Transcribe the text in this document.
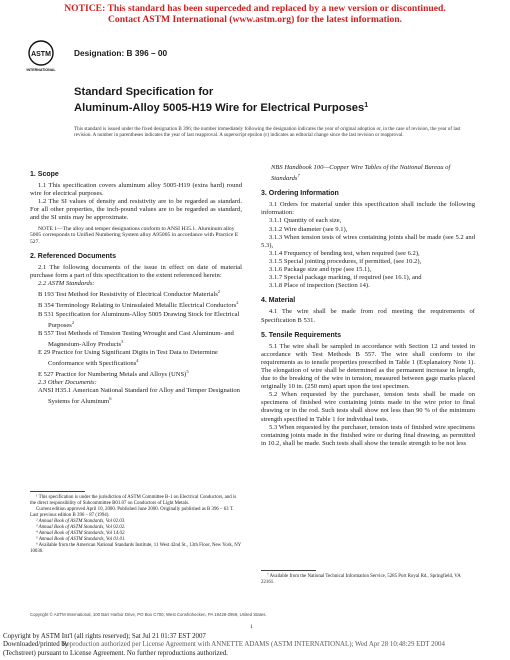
NOTICE: This standard has been superceded and replaced by a new version or discontinued.
Contact ASTM International (www.astm.org) for the latest information.
ASTM
INTERNATIONAL
Designation: B 396 – 00
Standard Specification for
Aluminum-Alloy 5005-H19 Wire for Electrical Purposes$^1$
This standard is issued under the fixed designation B 396; the number immediately following the designation indicates the year of original adoption or, in the case of revision, the year of last revision. A number in parentheses indicates the year of last reapproval. A superscript epsilon (ε) indicates an editorial change since the last revision or reapproval.
1. Scope

1.1 This specification covers aluminum alloy 5005-H19 (extra hard) round wire for electrical purposes.

1.2 The SI values of density and resistivity are to be regarded as standard. For all other properties, the inch-pound values are to be regarded as standard, and the SI units may be approximate.

NOTE 1—The alloy and temper designations conform to ANSI H35.1. Aluminum alloy 5005 corresponds to Unified Numbering System alloy A95005 in accordance with Practice E 527.

2. Referenced Documents

2.1 The following documents of the issue in effect on date of material purchase form a part of this specification to the extent referenced herein:

2.2 ASTM Standards:

B 193 Test Method for Resistivity of Electrical Conductor Materials$^2$

B 354 Terminology Relating to Uninsulated Metallic Electrical Conductors$^2$

B 531 Specification for Aluminum-Alloy 5005 Drawing Stock for Electrical Purposes$^2$

B 557 Test Methods of Tension Testing Wrought and Cast Aluminum- and Magnesium-Alloy Products$^3$

E 29 Practice for Using Significant Digits in Test Data to Determine Conformance with Specifications$^4$

E 527 Practice for Numbering Metals and Alloys (UNS)$^5$

2.3 Other Documents:

ANSI H35.1 American National Standard for Alloy and Temper Designation Systems for Aluminum$^6$

¹ This specification is under the jurisdiction of ASTM Committee B-1 on Electrical Conductors, and is the direct responsibility of Subcommittee B01.07 on Conductors of Light Metals.

Current edition approved April 10, 2000. Published June 2000. Originally published as B 396 – 63 T. Last previous edition B 396 – 87 (1994).

² Annual Book of ASTM Standards, Vol 02.03.

³ Annual Book of ASTM Standards, Vol 02.02.

⁴ Annual Book of ASTM Standards, Vol 14.02.

⁵ Annual Book of ASTM Standards, Vol 01.01.

⁶ Available from the American National Standards Institute, 11 West 42nd St., 13th Floor, New York, NY 10036.

NBS Handbook 100—Copper Wire Tables of the National Bureau of Standards$^7$

3. Ordering Information

3.1 Orders for material under this specification shall include the following information:

3.1.1 Quantity of each size,

3.1.2 Wire diameter (see 9.1),

3.1.3 When tension tests of wires containing joints shall be made (see 5.2 and 5.3),

3.1.4 Frequency of bending test, when required (see 6.2),

3.1.5 Special jointing procedures, if permitted, (see 10.2),

3.1.6 Package size and type (see 15.1),

3.1.7 Special package marking, if required (see 16.1), and

3.1.8 Place of inspection (Section 14).

4. Material

4.1 The wire shall be made from rod meeting the requirements of Specification B 531.

5. Tensile Requirements

5.1 The wire shall be sampled in accordance with Section 12 and tested in accordance with Test Methods B 557. The wire shall conform to the requirements as to tensile properties prescribed in Table 1 (Explanatory Note 1). The elongation of wire shall be determined as the permanent increase in length, due to the breaking of the wire in tension, measured between gage marks placed originally 10 in. (250 mm) apart upon the test specimen.

5.2 When requested by the purchaser, tension tests shall be made on specimens of finished wire containing joints made in the wire prior to final drawing or in the rod. Such tests shall show not less than 90 % of the minimum strength specified in Table 1 for individual tests.

5.3 When requested by the purchaser, tension tests of finished wire specimens containing joints made in the finished wire or during final drawing, as permitted in 10.2, shall be made. Such tests shall show the tensile strength to be not less

⁷ Available from the National Technical Information Service, 5285 Port Royal Rd., Springfield, VA 22161.

Copyright © ASTM International, 100 Barr Harbor Drive, PO Box C700, West Conshohocken, PA 19428-2959, United States.
1
Copyright by ASTM Int'l (all rights reserved); Sat Jul 21 01:37 EST 2007
Downloaded/printed by
(Techstreet) pursuant to License Agreement. No further reproductions authorized.
Reproduction authorized per License Agreement with ANNETTE ADAMS (ASTM INTERNATIONAL); Wed Apr 28 10:48:29 EDT 2004
